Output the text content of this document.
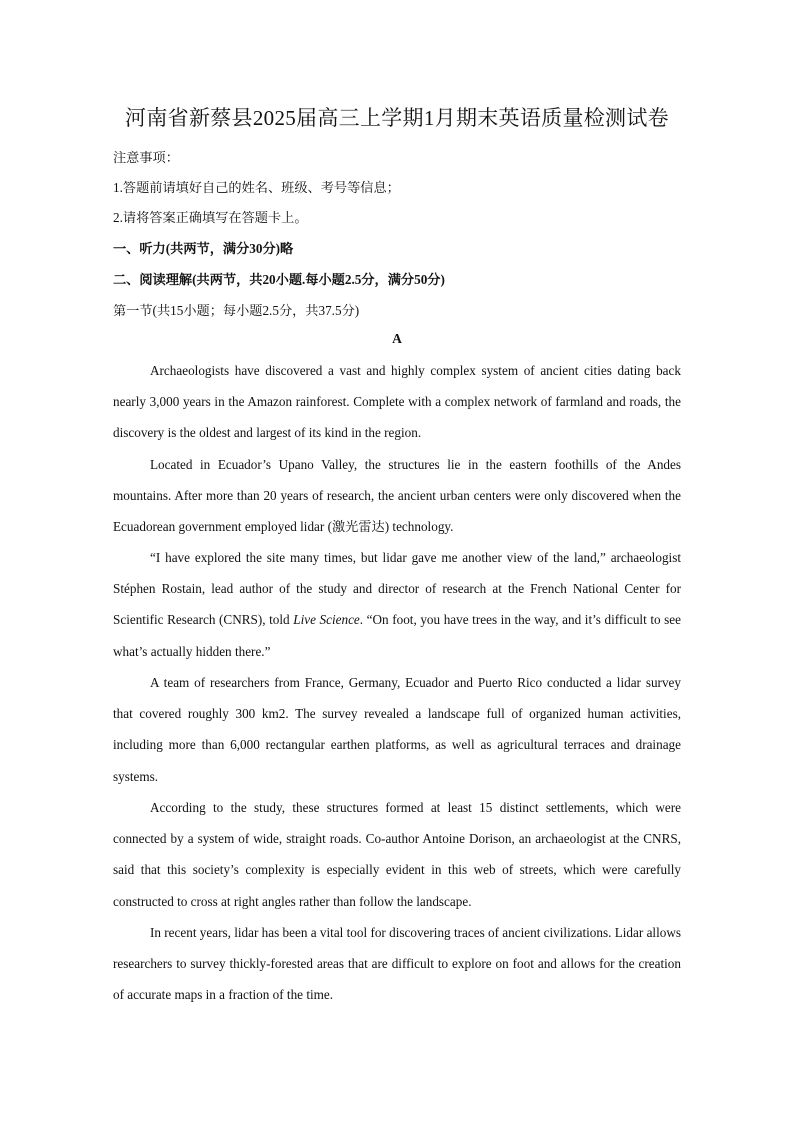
河南省新蔡县2025届高三上学期1月期末英语质量检测试卷
注意事项：
1.答题前请填好自己的姓名、班级、考号等信息；
2.请将答案正确填写在答题卡上。
一、听力(共两节，满分30分)略
二、阅读理解(共两节，共20小题.每小题2.5分，满分50分)
第一节(共15小题；每小题2.5分，共37.5分)
A

Archaeologists have discovered a vast and highly complex system of ancient cities dating back nearly 3,000 years in the Amazon rainforest. Complete with a complex network of farmland and roads, the discovery is the oldest and largest of its kind in the region.

Located in Ecuador’s Upano Valley, the structures lie in the eastern foothills of the Andes mountains. After more than 20 years of research, the ancient urban centers were only discovered when the Ecuadorean government employed lidar (激光雷达) technology.

“I have explored the site many times, but lidar gave me another view of the land,” archaeologist Stéphen Rostain, lead author of the study and director of research at the French National Center for Scientific Research (CNRS), told Live Science. “On foot, you have trees in the way, and it’s difficult to see what’s actually hidden there.”

A team of researchers from France, Germany, Ecuador and Puerto Rico conducted a lidar survey that covered roughly 300 km2. The survey revealed a landscape full of organized human activities, including more than 6,000 rectangular earthen platforms, as well as agricultural terraces and drainage systems.

According to the study, these structures formed at least 15 distinct settlements, which were connected by a system of wide, straight roads. Co-author Antoine Dorison, an archaeologist at the CNRS, said that this society’s complexity is especially evident in this web of streets, which were carefully constructed to cross at right angles rather than follow the landscape.

In recent years, lidar has been a vital tool for discovering traces of ancient civilizations. Lidar allows researchers to survey thickly-forested areas that are difficult to explore on foot and allows for the creation of accurate maps in a fraction of the time.
